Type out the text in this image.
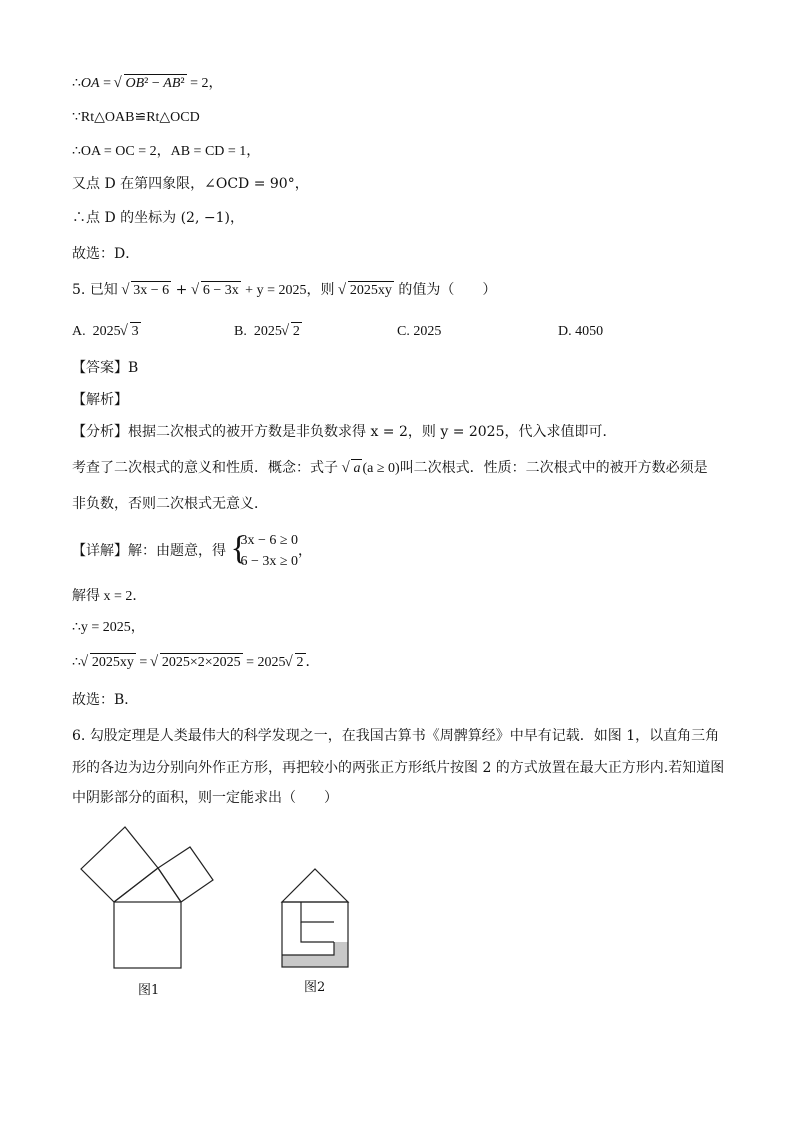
∴OA = √ OB² − AB² = 2，
∵Rt△OAB≌Rt△OCD
∴OA = OC = 2，AB = CD = 1，
又点 D 在第四象限，∠OCD = 90°，
∴点 D 的坐标为 (2, −1)，
故选：D．
5. 已知 √ 3x − 6 + √ 6 − 3x + y = 2025，则 √ 2025xy 的值为（　　）
A. 2025 √ 3	B. 2025 √ 2	C. 2025	D. 4050
【答案】B
【解析】
【分析】根据二次根式的被开方数是非负数求得 x = 2，则 y = 2025，代入求值即可．
考查了二次根式的意义和性质．概念：式子 √ a (a ≥ 0)叫二次根式．性质：二次根式中的被开方数必须是
非负数，否则二次根式无意义．
【详解】解：由题意，得
{ 3x − 6 ≥ 0
6 − 3x ≥ 0
，
解得 x = 2．
∴y = 2025，
∴ √ 2025xy = √ 2025×2×2025 = 2025 √ 2 ．
故选：B．
6. 勾股定理是人类最伟大的科学发现之一，在我国古算书《周髀算经》中早有记载．如图 1，以直角三角
形的各边为边分别向外作正方形，再把较小的两张正方形纸片按图 2 的方式放置在最大正方形内.若知道图
中阴影部分的面积，则一定能求出（　　）
图1	图2
